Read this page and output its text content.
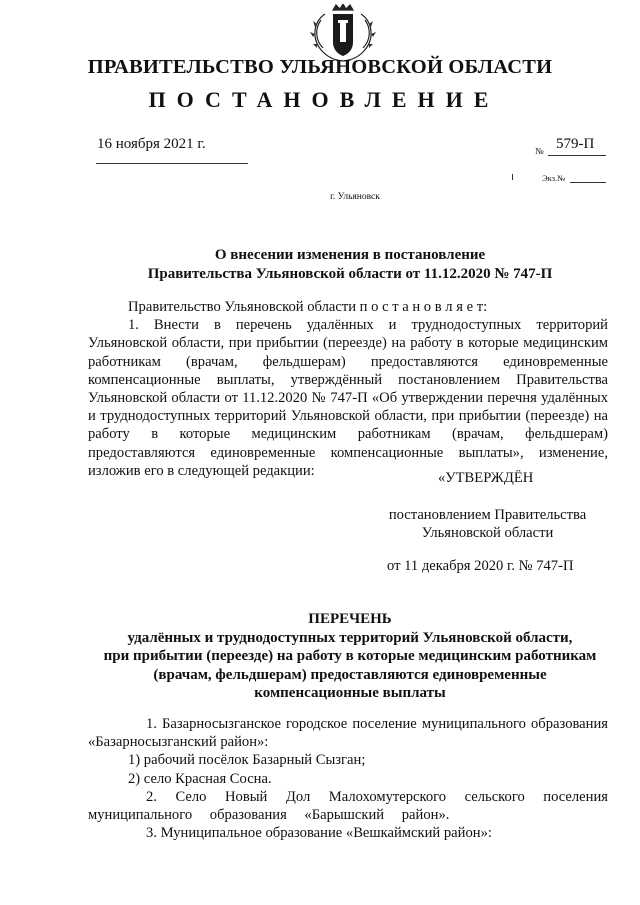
ПРАВИТЕЛЬСТВО УЛЬЯНОВСКОЙ ОБЛАСТИ
ПОСТАНОВЛЕНИЕ
16 ноября 2021 г.	№ 579-П
Экз.№
г. Ульяновск
О внесении изменения в постановление
Правительства Ульяновской области от 11.12.2020 № 747-П

Правительство Ульяновской области п о с т а н о в л я е т:

1. Внести в перечень удалённых и труднодоступных территорий Ульяновской области, при прибытии (переезде) на работу в которые медицинским работникам (врачам, фельдшерам) предоставляются единовременные компенсационные выплаты, утверждённый постановлением Правительства Ульяновской области от 11.12.2020 № 747-П «Об утверждении перечня удалённых и труднодоступных территорий Ульяновской области, при прибытии (переезде) на работу в которые медицинским работникам (врачам, фельдшерам) предоставляются единовременные компенсационные выплаты», изменение, изложив его в следующей редакции:	«УТВЕРЖДЁН
постановлением Правительства
Ульяновской области
от 11 декабря 2020 г. № 747-П
ПЕРЕЧЕНЬ
удалённых и труднодоступных территорий Ульяновской области,
при прибытии (переезде) на работу в которые медицинским работникам
(врачам, фельдшерам) предоставляются единовременные
компенсационные выплаты

1. Базарносызганское городское поселение муниципального образования «Базарносызганский район»:

1) рабочий посёлок Базарный Сызган;

2) село Красная Сосна.

2. Село Новый Дол Малохомутерского сельского поселения муниципального образования «Барышский район».

3. Муниципальное образование «Вешкаймский район»:
